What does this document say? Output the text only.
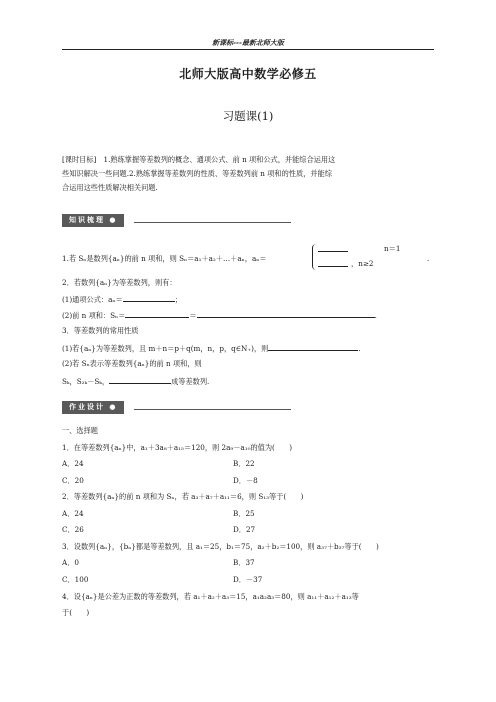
新课标---最新北师大版
北师大版高中数学必修五
习题课(1)
[课时目标]　1.熟练掌握等差数列的概念、通项公式、前 n 项和公式，并能综合运用这
些知识解决一些问题.2.熟练掌握等差数列的性质、等差数列前 n 项和的性质，并能综
合运用这些性质解决相关问题.
知识梳理 ●
1.若 Sₙ是数列{aₙ}的前 n 项和，则 Sₙ＝a₁＋a₂＋…＋aₙ，aₙ＝
n＝1
，n≥2
.
2．若数列{aₙ}为等差数列，则有：
(1)通项公式：aₙ＝	；
(2)前 n 项和：Sₙ＝	＝	.
3．等差数列的常用性质
(1)若{aₙ}为等差数列，且 m＋n＝p＋q(m，n，p，q∈N₊)，则	.
(2)若 Sₙ表示等差数列{aₙ}的前 n 项和，则
Sₖ，S₂ₖ－Sₖ，	成等差数列.
作业设计 ●
一、选择题
1．在等差数列{aₙ}中，a₁＋3a₈＋a₁₅＝120，则 2a₉－a₁₀的值为(　　)
A．24	B．22
C．20	D．－8
2．等差数列{aₙ}的前 n 项和为 Sₙ，若 a₃＋a₇＋a₁₁＝6，则 S₁₃等于(　　)
A．24	B．25
C．26	D．27
3．设数列{aₙ}，{bₙ}都是等差数列，且 a₁＝25，b₁＝75，a₂＋b₂＝100，则 a₃₇＋b₃₇等于(　　)
A．0	B．37
C．100	D．－37
4．设{aₙ}是公差为正数的等差数列，若 a₁＋a₂＋a₃＝15，a₁a₂a₃＝80，则 a₁₁＋a₁₂＋a₁₃等
于(　　)
